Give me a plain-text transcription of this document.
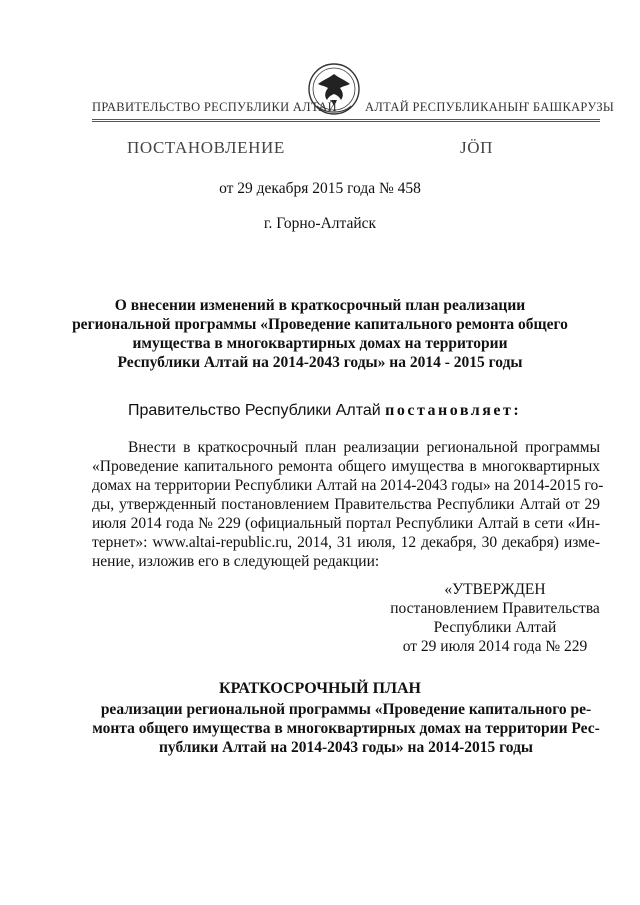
ПРАВИТЕЛЬСТВО РЕСПУБЛИКИ АЛТАЙ АЛТАЙ РЕСПУБЛИКАНЫҤ БАШКАРУЗЫ
ПОСТАНОВЛЕНИЕ	ЈӦП
от 29 декабря 2015 года № 458
г. Горно-Алтайск
О внесении изменений в краткосрочный план реализации
региональной программы «Проведение капитального ремонта общего
имущества в многоквартирных домах на территории
Республики Алтай на 2014-2043 годы» на 2014 - 2015 годы
Правительство Республики Алтай постановляет:
Внести в краткосрочный план реализации региональной программы
«Проведение капитального ремонта общего имущества в многоквартирных
домах на территории Республики Алтай на 2014-2043 годы» на 2014-2015 го-
ды, утвержденный постановлением Правительства Республики Алтай от 29
июля 2014 года № 229 (официальный портал Республики Алтай в сети «Ин-
тернет»: www.altai-republic.ru, 2014, 31 июля, 12 декабря, 30 декабря) изме-
нение, изложив его в следующей редакции:
«УТВЕРЖДЕН
постановлением Правительства
Республики Алтай
от 29 июля 2014 года № 229
КРАТКОСРОЧНЫЙ ПЛАН
реализации региональной программы «Проведение капитального ре-
монта общего имущества в многоквартирных домах на территории Рес-
публики Алтай на 2014-2043 годы» на 2014-2015 годы
